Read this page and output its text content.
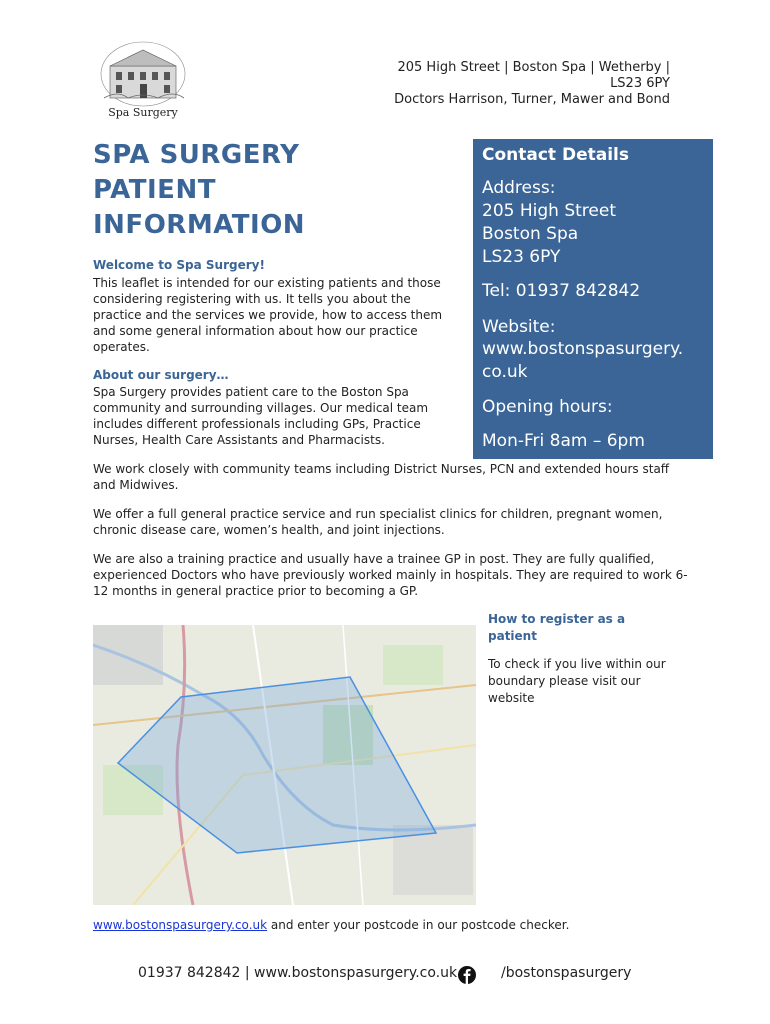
Spa Surgery
205 High Street | Boston Spa | Wetherby |
LS23 6PY
Doctors Harrison, Turner, Mawer and Bond
SPA SURGERY
PATIENT
INFORMATION
Welcome to Spa Surgery!
This leaflet is intended for our existing patients and those considering registering with us. It tells you about the practice and the services we provide, how to access them and some general information about how our practice operates.
About our surgery…
Spa Surgery provides patient care to the Boston Spa community and surrounding villages. Our medical team includes different professionals including GPs, Practice Nurses, Health Care Assistants and Pharmacists.
We work closely with community teams including District Nurses, PCN and extended hours staff and Midwives.
We offer a full general practice service and run specialist clinics for children, pregnant women, chronic disease care, women’s health, and joint injections.
We are also a training practice and usually have a trainee GP in post. They are fully qualified, experienced Doctors who have previously worked mainly in hospitals. They are required to work 6-12 months in general practice prior to becoming a GP.
Contact Details
Address:
205 High Street
Boston Spa
LS23 6PY
Tel: 01937 842842
Website:
www.bostonspasurgery.
co.uk
Opening hours:
Mon-Fri 8am – 6pm
How to register as a patient
To check if you live within our boundary please visit our website
www.bostonspasurgery.co.uk and enter your postcode in our postcode checker.
01937 842842 | www.bostonspasurgery.co.uk	/bostonspasurgery
